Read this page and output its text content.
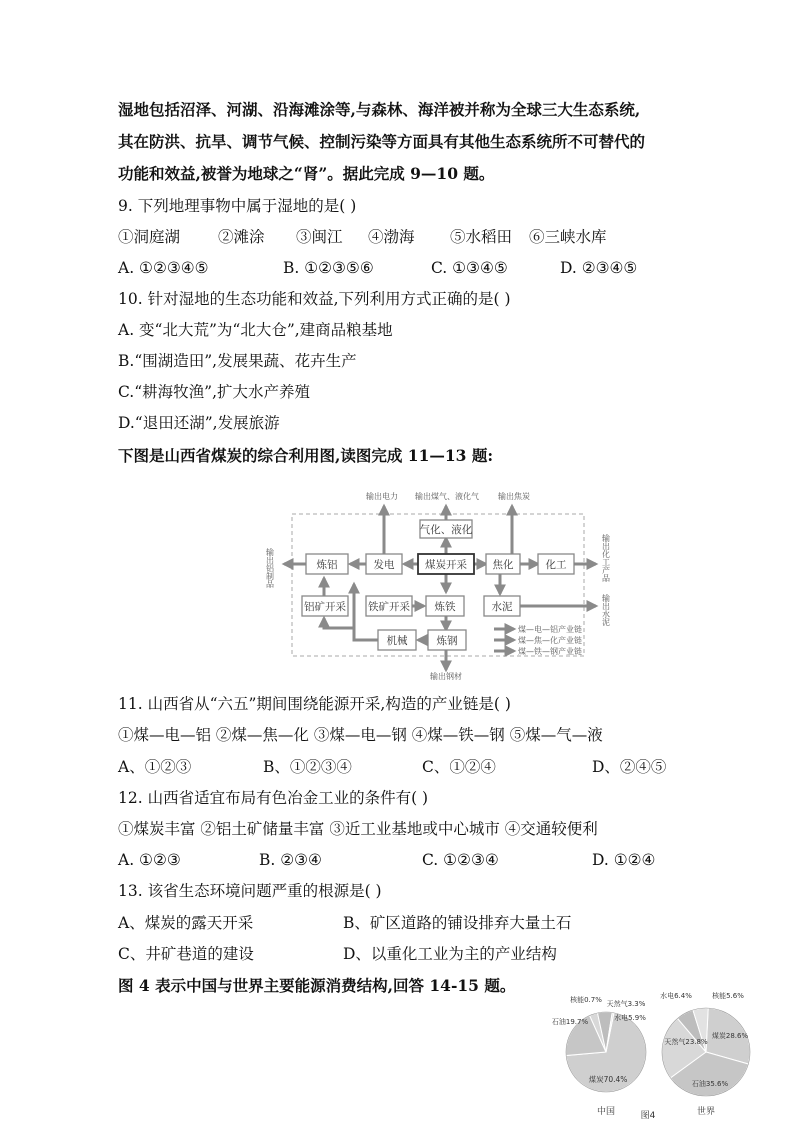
湿地包括沼泽、河湖、沿海滩涂等,与森林、海洋被并称为全球三大生态系统,
其在防洪、抗旱、调节气候、控制污染等方面具有其他生态系统所不可替代的
功能和效益,被誉为地球之“肾”。据此完成 9—10 题。
9. 下列地理事物中属于湿地的是( )
①洞庭湖 ②滩涂 ③闽江 ④渤海 ⑤水稻田 ⑥三峡水库
A. ①②③④⑤	B. ①②③⑤⑥	C. ①③④⑤	D. ②③④⑤
10. 针对湿地的生态功能和效益,下列利用方式正确的是( )
A. 变“北大荒”为“北大仓”,建商品粮基地
B.“围湖造田”,发展果蔬、花卉生产
C.“耕海牧渔”,扩大水产养殖
D.“退田还湖”,发展旅游
下图是山西省煤炭的综合利用图,读图完成 11—13 题:
输出电力 输出煤气、液化气 输出焦炭
气化、液化
煤炭开采
发电
炼铝	焦化	化工
铝矿开采 铁矿开采 炼铁	水泥
机械	炼钢
输出铝制品	输出化工产品
输出水泥
输出钢材
煤—电—铝产业链
煤—焦—化产业链
煤—铁—钢产业链
11. 山西省从“六五”期间围绕能源开采,构造的产业链是( )
①煤—电—铝 ②煤—焦—化 ③煤—电—钢 ④煤—铁—钢 ⑤煤—气—液
A、①②③	B、①②③④	C、①②④	D、②④⑤
12. 山西省适宜布局有色冶金工业的条件有( )
①煤炭丰富 ②铝土矿储量丰富 ③近工业基地或中心城市 ④交通较便利
A. ①②③	B. ②③④	C. ①②③④	D. ①②④
13. 该省生态环境问题严重的根源是( )
A、煤炭的露天开采	B、矿区道路的铺设排弃大量土石
C、井矿巷道的建设	D、以重化工业为主的产业结构
图 4 表示中国与世界主要能源消费结构,回答 14-15 题。
煤炭70.4%
石油19.7%
天然气3.3%
水电5.9%
核能0.7%
煤炭28.6%
石油35.6%
天然气23.8%
水电6.4%	核能5.6%
中国	世界
图4
